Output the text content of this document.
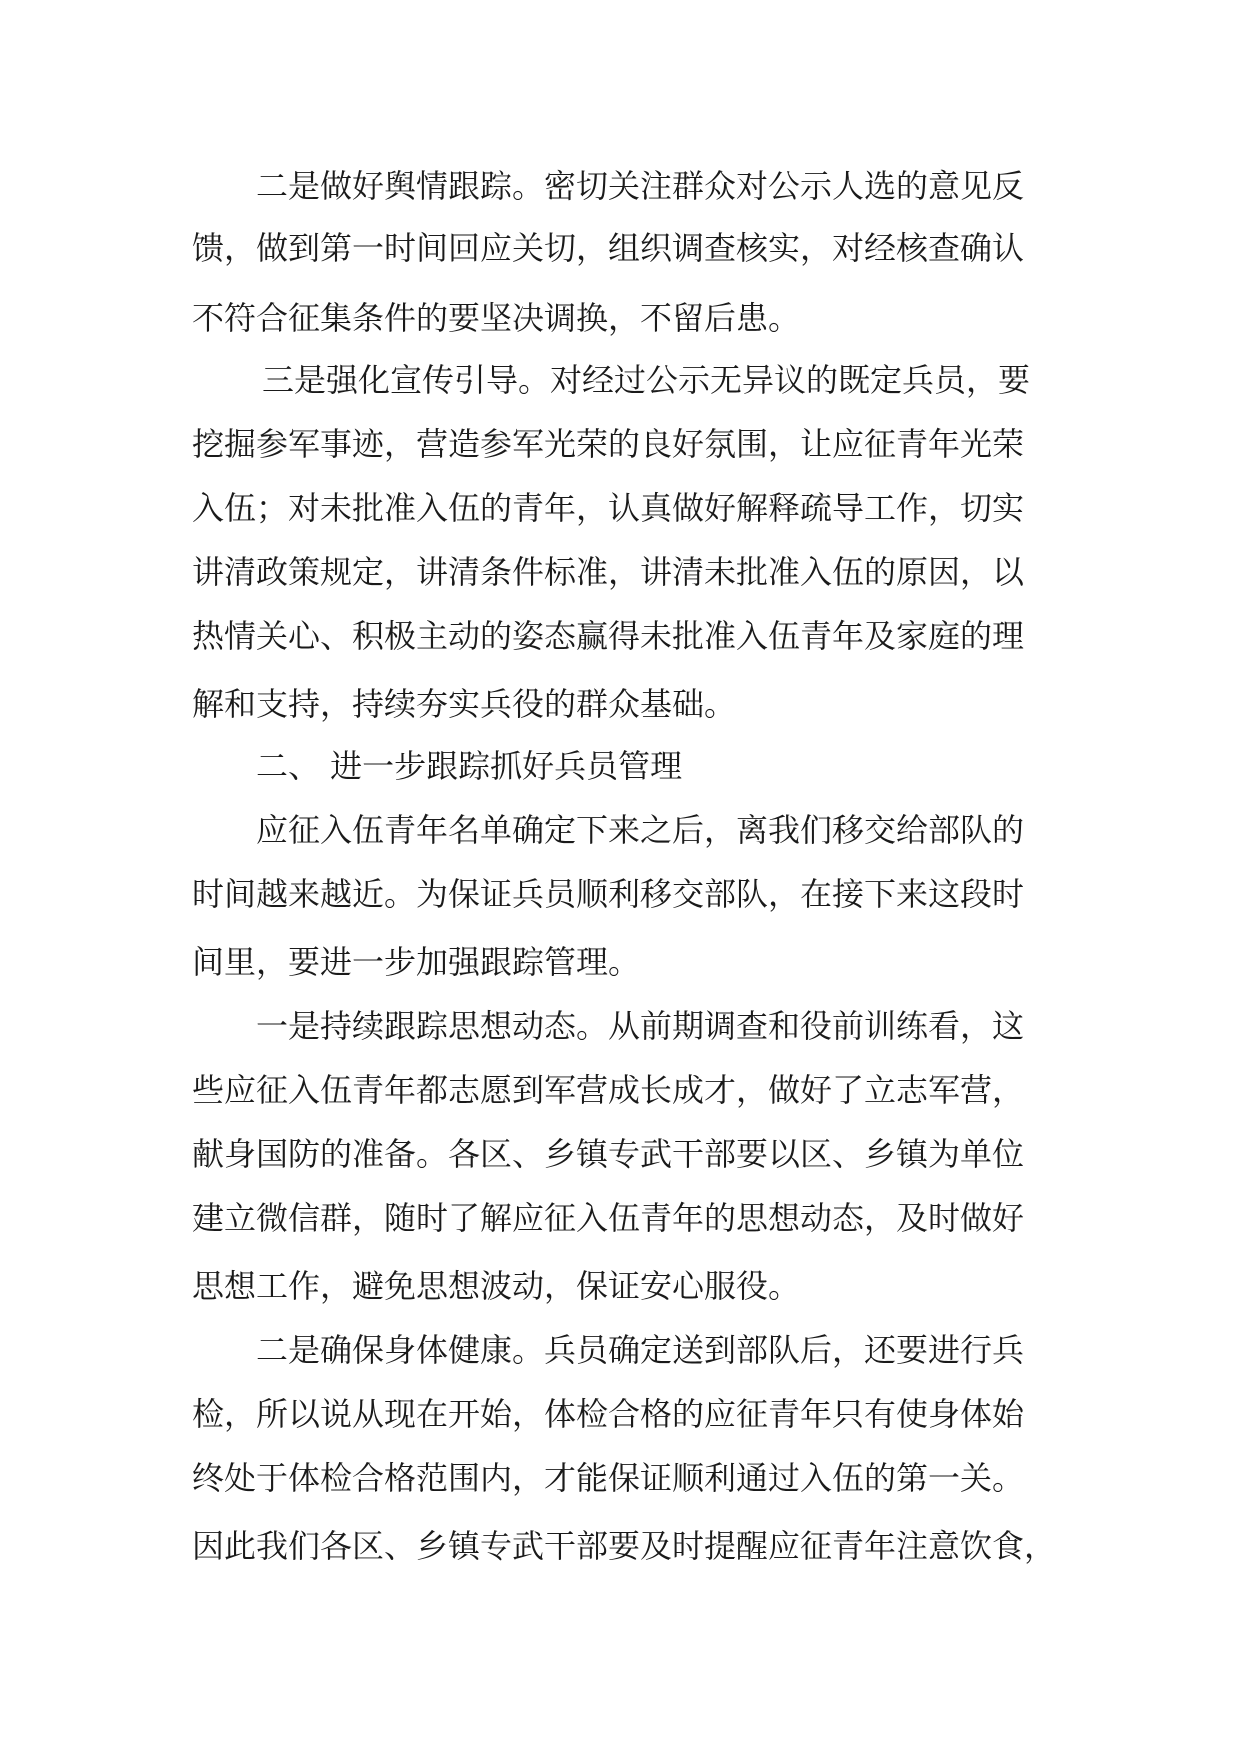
二是做好舆情跟踪。密切关注群众对公示人选的意见反
馈，做到第一时间回应关切，组织调查核实，对经核查确认
不符合征集条件的要坚决调换，不留后患。
三是强化宣传引导。对经过公示无异议的既定兵员，要
挖掘参军事迹，营造参军光荣的良好氛围，让应征青年光荣
入伍；对未批准入伍的青年，认真做好解释疏导工作，切实
讲清政策规定，讲清条件标准，讲清未批准入伍的原因，以
热情关心、积极主动的姿态赢得未批准入伍青年及家庭的理
解和支持，持续夯实兵役的群众基础。
二、 进一步跟踪抓好兵员管理
应征入伍青年名单确定下来之后，离我们移交给部队的
时间越来越近。为保证兵员顺利移交部队，在接下来这段时
间里，要进一步加强跟踪管理。
一是持续跟踪思想动态。从前期调查和役前训练看，这
些应征入伍青年都志愿到军营成长成才，做好了立志军营，
献身国防的准备。各区、乡镇专武干部要以区、乡镇为单位
建立微信群，随时了解应征入伍青年的思想动态，及时做好
思想工作，避免思想波动，保证安心服役。
二是确保身体健康。兵员确定送到部队后，还要进行兵
检，所以说从现在开始，体检合格的应征青年只有使身体始
终处于体检合格范围内，才能保证顺利通过入伍的第一关。
因此我们各区、乡镇专武干部要及时提醒应征青年注意饮食，
